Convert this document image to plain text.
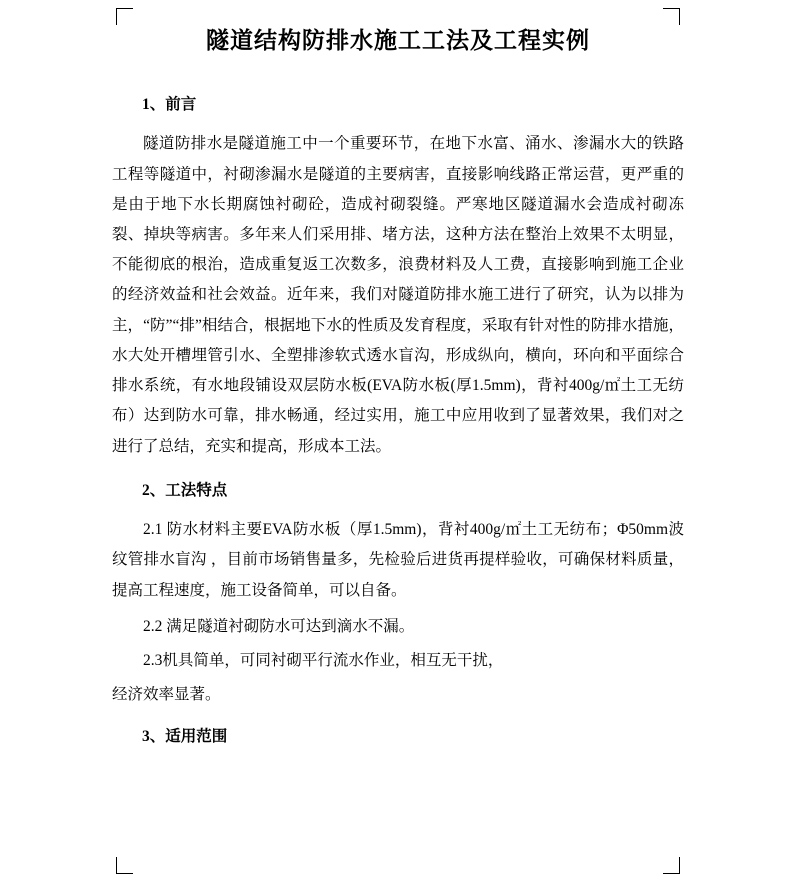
隧道结构防排水施工工法及工程实例
1、前言

隧道防排水是隧道施工中一个重要环节，在地下水富、涌水、渗漏水大的铁路工程等隧道中，衬砌渗漏水是隧道的主要病害，直接影响线路正常运营，更严重的是由于地下水长期腐蚀衬砌砼，造成衬砌裂缝。严寒地区隧道漏水会造成衬砌冻裂、掉块等病害。多年来人们采用排、堵方法，这种方法在整治上效果不太明显，不能彻底的根治，造成重复返工次数多，浪费材料及人工费，直接影响到施工企业的经济效益和社会效益。近年来，我们对隧道防排水施工进行了研究，认为以排为主，“防”“排”相结合，根据地下水的性质及发育程度，采取有针对性的防排水措施，水大处开槽埋管引水、全塑排渗软式透水盲沟，形成纵向，横向，环向和平面综合排水系统，有水地段铺设双层防水板(EVA防水板(厚1.5mm)，背衬400g/㎡土工无纺布）达到防水可靠，排水畅通，经过实用，施工中应用收到了显著效果，我们对之进行了总结，充实和提高，形成本工法。

2、工法特点

2.1 防水材料主要EVA防水板（厚1.5mm)，背衬400g/㎡土工无纺布；Φ50mm波纹管排水盲沟 ，目前市场销售量多，先检验后进货再提样验收，可确保材料质量，提高工程速度，施工设备简单，可以自备。

2.2 满足隧道衬砌防水可达到滴水不漏。

2.3机具简单，可同衬砌平行流水作业，相互无干扰，

经济效率显著。

3、适用范围
